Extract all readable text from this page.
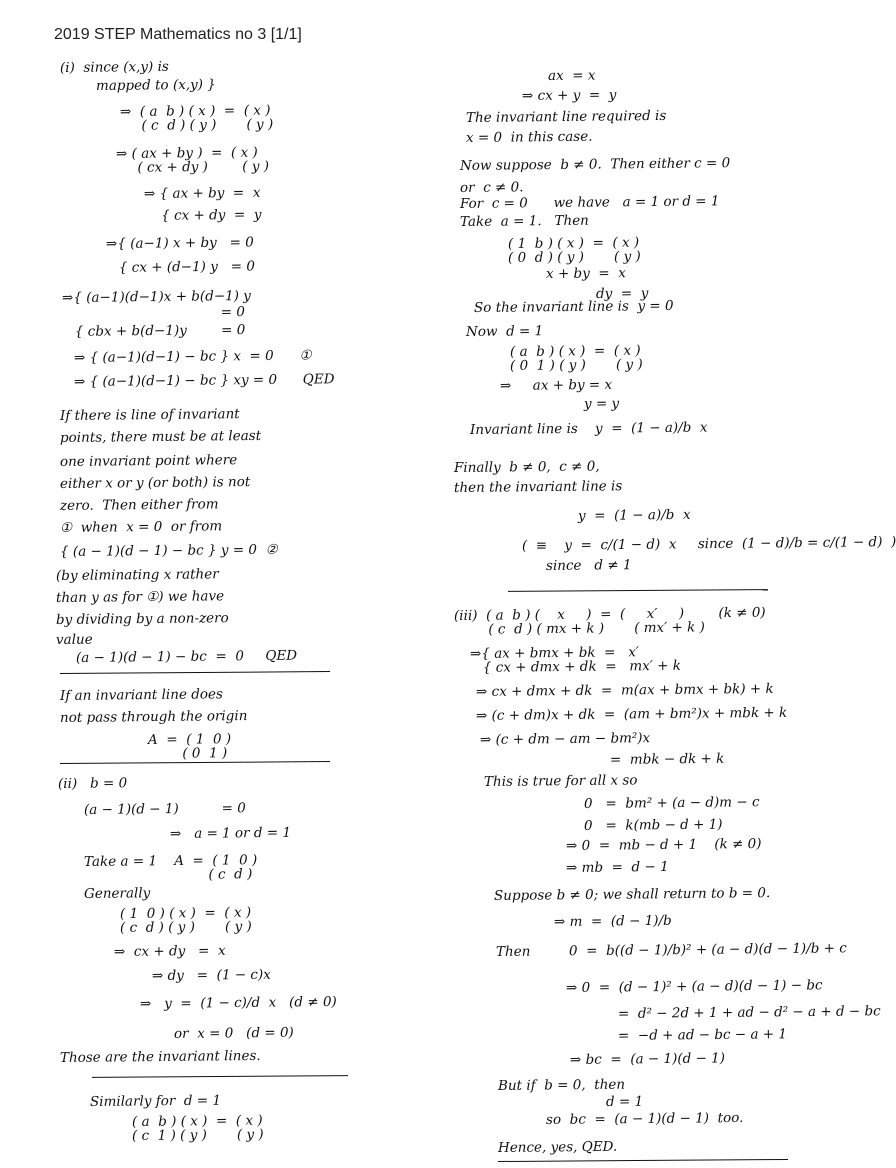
2019 STEP Mathematics no 3 [1/1]
(i)  since (x,y) is
mapped to (x,y) }
⇒  ( a  b ) ( x )  =  ( x )
( c  d ) ( y )       ( y )
⇒ ( ax + by )  =  ( x )
( cx + dy )        ( y )
⇒ { ax + by  =  x
{ cx + dy  =  y
⇒{ (a−1) x + by   = 0
{ cx + (d−1) y   = 0
⇒{ (a−1)(d−1)x + b(d−1) y
= 0
{ cbx + b(d−1)y        = 0
⇒ { (a−1)(d−1) − bc } x  = 0      ①
⇒ { (a−1)(d−1) − bc } xy = 0      QED
If there is line of invariant
points, there must be at least
one invariant point where
either x or y (or both) is not
zero.  Then either from
①  when  x = 0  or from
{ (a − 1)(d − 1) − bc } y = 0  ②
(by eliminating x rather
than y as for ①) we have
by dividing by a non-zero
value
(a − 1)(d − 1) − bc  =  0     QED
If an invariant line does
not pass through the origin
A  =  ( 1  0 )
( 0  1 )
(ii)   b = 0
(a − 1)(d − 1)          = 0
⇒   a = 1 or d = 1
Take a = 1    A  =  ( 1  0 )
( c  d )
Generally
( 1  0 ) ( x )  =  ( x )
( c  d ) ( y )       ( y )
⇒  cx + dy   =  x
⇒ dy   =  (1 − c)x
⇒   y  =  (1 − c)/d  x   (d ≠ 0)
or  x = 0   (d = 0)
Those are the invariant lines.
Similarly for  d = 1
( a  b ) ( x )  =  ( x )
( c  1 ) ( y )       ( y )
ax  = x
⇒ cx + y  =  y
The invariant line required is
x = 0  in this case.
Now suppose  b ≠ 0.  Then either c = 0
or  c ≠ 0.
For  c = 0      we have   a = 1 or d = 1
Take  a = 1.   Then
( 1  b ) ( x )  =  ( x )
( 0  d ) ( y )       ( y )
x + by  =  x
dy  =  y
So the invariant line is  y = 0
Now  d = 1
( a  b ) ( x )  =  ( x )
( 0  1 ) ( y )       ( y )
⇒     ax + by = x
y = y
Invariant line is    y  =  (1 − a)/b  x
Finally  b ≠ 0,  c ≠ 0,
then the invariant line is
y  =  (1 − a)/b  x
(  ≡    y  =  c/(1 − d)  x     since  (1 − d)/b = c/(1 − d)  )
since   d ≠ 1
(iii)  ( a  b ) (    x     )  =  (     x′     )        (k ≠ 0)
( c  d ) ( mx + k )       ( mx′ + k )
⇒{ ax + bmx + bk  =   x′
{ cx + dmx + dk  =   mx′ + k
⇒ cx + dmx + dk  =  m(ax + bmx + bk) + k
⇒ (c + dm)x + dk  =  (am + bm²)x + mbk + k
⇒ (c + dm − am − bm²)x
=  mbk − dk + k
This is true for all x so
0   =  bm² + (a − d)m − c
0   =  k(mb − d + 1)
⇒ 0  =  mb − d + 1    (k ≠ 0)
⇒ mb  =  d − 1
Suppose b ≠ 0; we shall return to b = 0.
⇒ m  =  (d − 1)/b
Then         0  =  b((d − 1)/b)² + (a − d)(d − 1)/b + c
⇒ 0  =  (d − 1)² + (a − d)(d − 1) − bc
=  d² − 2d + 1 + ad − d² − a + d − bc
=  −d + ad − bc − a + 1
⇒ bc  =  (a − 1)(d − 1)
But if  b = 0,  then
d = 1
so  bc  =  (a − 1)(d − 1)  too.
Hence, yes, QED.
